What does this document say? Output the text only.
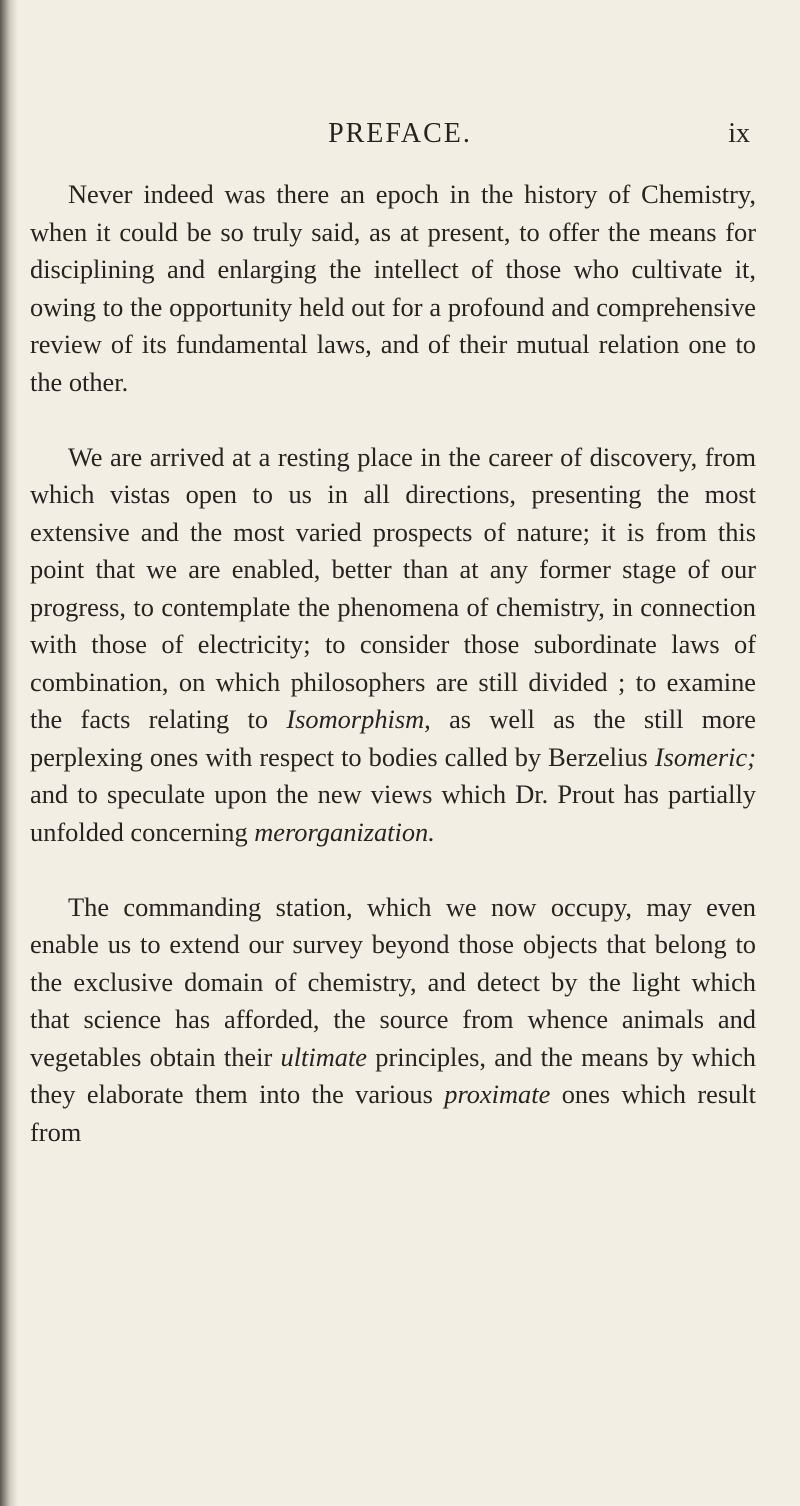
PREFACE.	ix

Never indeed was there an epoch in the history of Chemistry, when it could be so truly said, as at present, to offer the means for disciplining and enlarging the intellect of those who cultivate it, owing to the opportunity held out for a profound and comprehensive review of its fundamental laws, and of their mutual relation one to the other.

We are arrived at a resting place in the career of discovery, from which vistas open to us in all directions, presenting the most extensive and the most varied prospects of nature; it is from this point that we are enabled, better than at any former stage of our progress, to contemplate the phenomena of chemistry, in connection with those of electricity; to consider those subordinate laws of combination, on which philosophers are still divided ; to examine the facts relating to Isomorphism, as well as the still more perplexing ones with respect to bodies called by Berzelius Isomeric; and to speculate upon the new views which Dr. Prout has partially unfolded concerning merorganization.

The commanding station, which we now occupy, may even enable us to extend our survey beyond those objects that belong to the exclusive domain of chemistry, and detect by the light which that science has afforded, the source from whence animals and vegetables obtain their ultimate principles, and the means by which they elaborate them into the various proximate ones which result from
